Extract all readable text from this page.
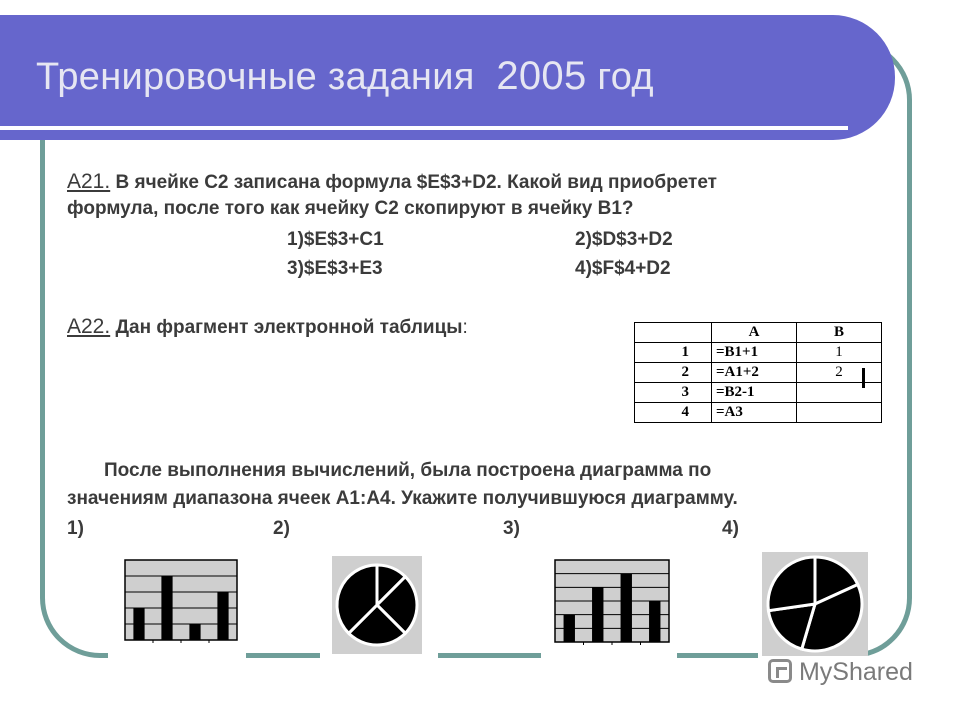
Тренировочные задания 2005 год
А21. В ячейке С2 записана формула $E$3+D2. Какой вид приобретет
формула, после того как ячейку С2 скопируют в ячейку В1?
1)$E$3+C1	2)$D$3+D2
3)$E$3+E3	4)$F$4+D2
А22. Дан фрагмент электронной таблицы:
		A	B
1	=B1+1	1
2	=A1+2	2
3	=B2-1	
4	=A3	
После выполнения вычислений, была построена диаграмма по
значениям диапазона ячеек А1:А4. Укажите получившуюся диаграмму.
1)	2)	3)	4)
MyShared
